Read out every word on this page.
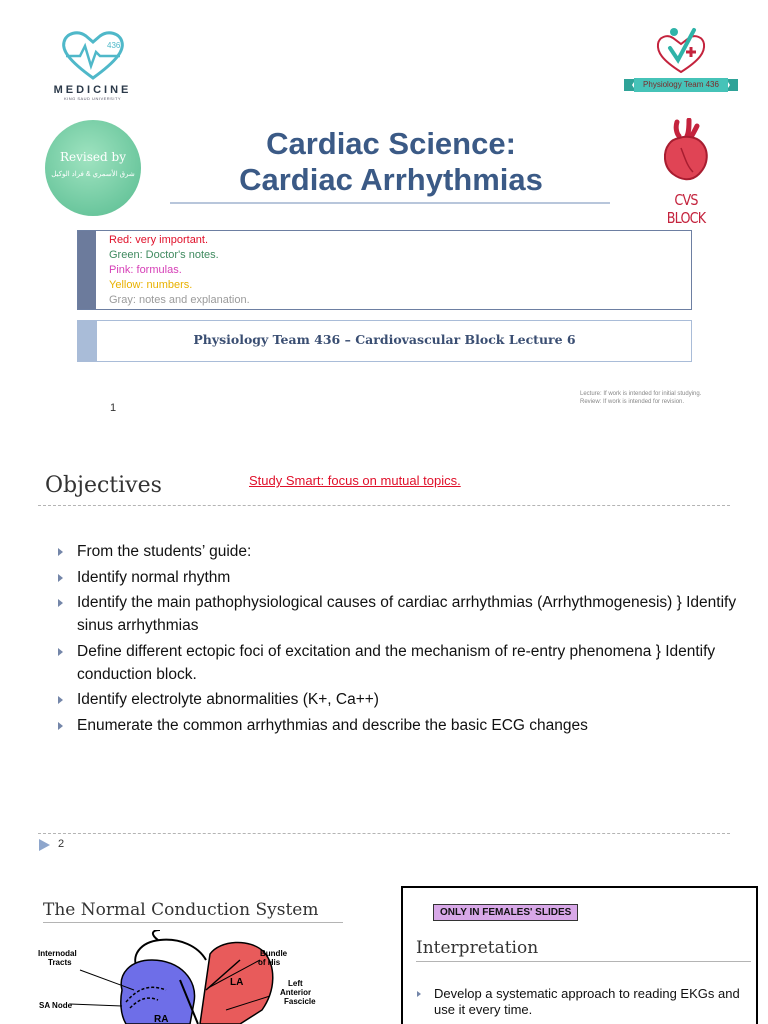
436
MEDICINE
KING SAUD UNIVERSITY
Revised by
شرق الأسمري & فراد الوكيل
Physiology Team 436
CVS BLOCK
Cardiac Science:
Cardiac Arrhythmias
Red: very important.
Green: Doctor's notes.
Pink: formulas.
Yellow: numbers.
Gray: notes and explanation.
Physiology Team 436 – Cardiovascular Block Lecture 6
Lecture: If work is intended for initial studying.
Review: If work is intended for revision.
1
Objectives	Study Smart: focus on mutual topics.
From the students’ guide:
Identify normal rhythm
Identify the main pathophysiological causes of cardiac arrhythmias (Arrhythmogenesis) } Identify sinus arrhythmias
Define different ectopic foci of excitation and the mechanism of re-entry phenomena } Identify conduction block.
Identify electrolyte abnormalities (K+, Ca++)
Enumerate the common arrhythmias and describe the basic ECG changes
2
The Normal Conduction System
Internodal
Tracts
SA Node
Bundle
of His
LA
RA
Left
Anterior
Fascicle
ONLY IN FEMALES' SLIDES
Interpretation
Develop a systematic approach to reading EKGs and use it every time.
